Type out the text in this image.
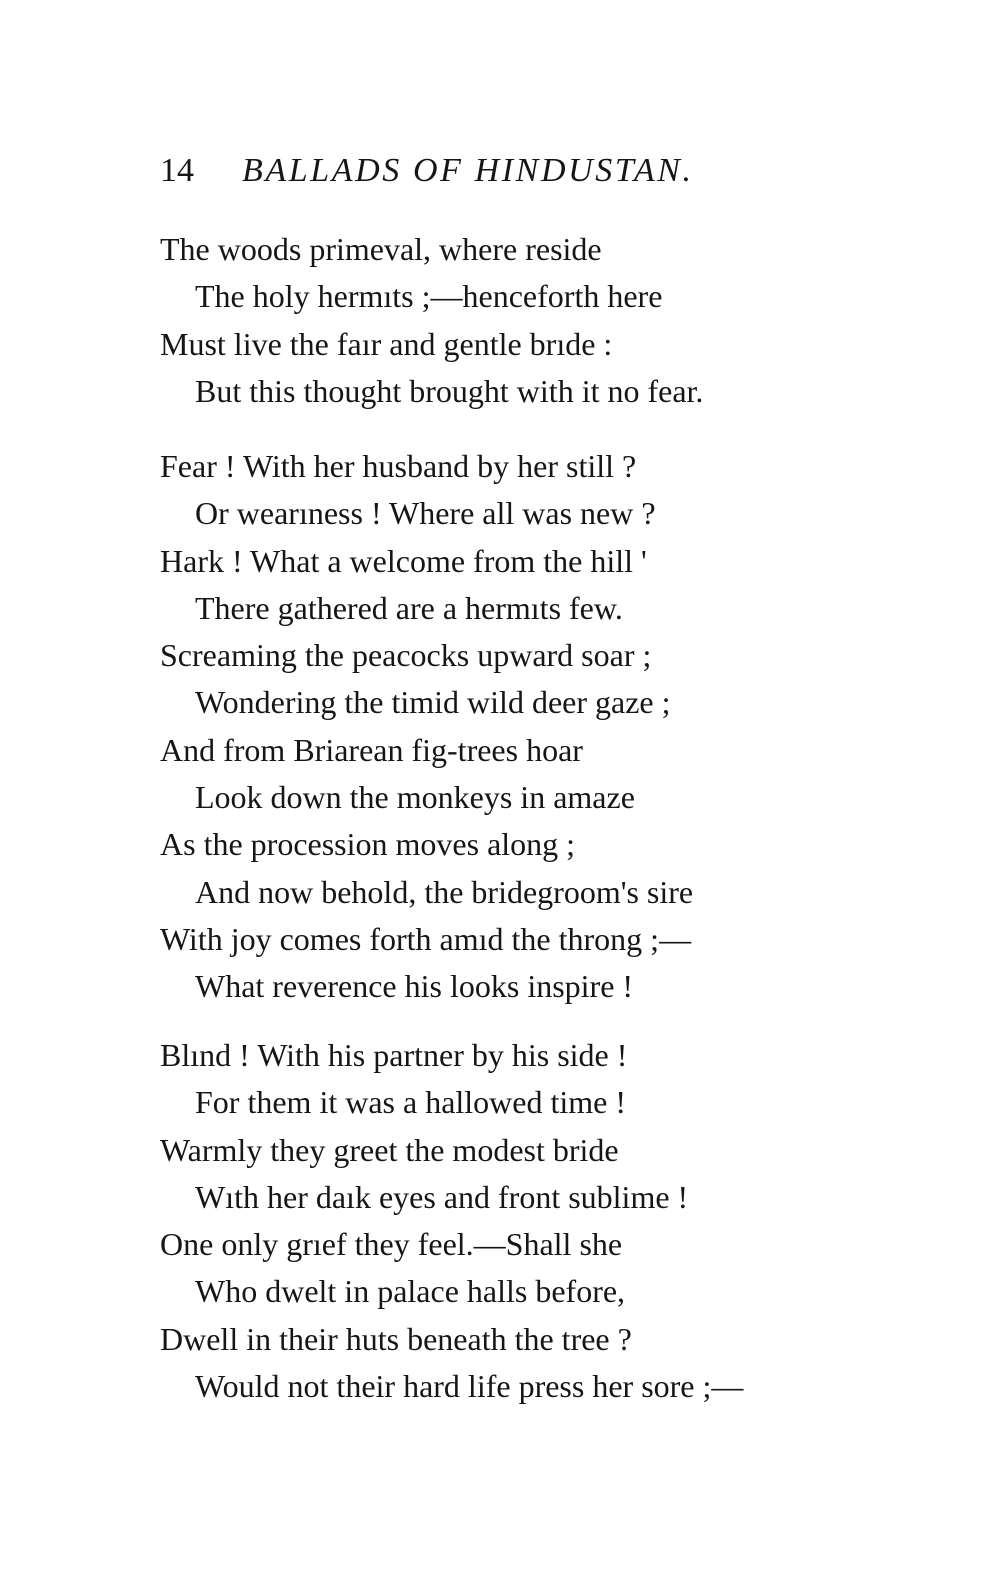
14 BALLADS OF HINDUSTAN.
The woods primeval, where reside
The holy hermıts ;—henceforth here
Must live the faır and gentle brıde :
But this thought brought with it no fear.
Fear ! With her husband by her still ?
Or wearıness ! Where all was new ?
Hark ! What a welcome from the hill '
There gathered are a hermıts few.
Screaming the peacocks upward soar ;
Wondering the timid wild deer gaze ;
And from Briarean fig-trees hoar
Look down the monkeys in amaze
As the procession moves along ;
And now behold, the bridegroom's sire
With joy comes forth amıd the throng ;—
What reverence his looks inspire !
Blınd ! With his partner by his side !
For them it was a hallowed time !
Warmly they greet the modest bride
Wıth her daık eyes and front sublime !
One only grıef they feel.—Shall she
Who dwelt in palace halls before,
Dwell in their huts beneath the tree ?
Would not their hard life press her sore ;—
